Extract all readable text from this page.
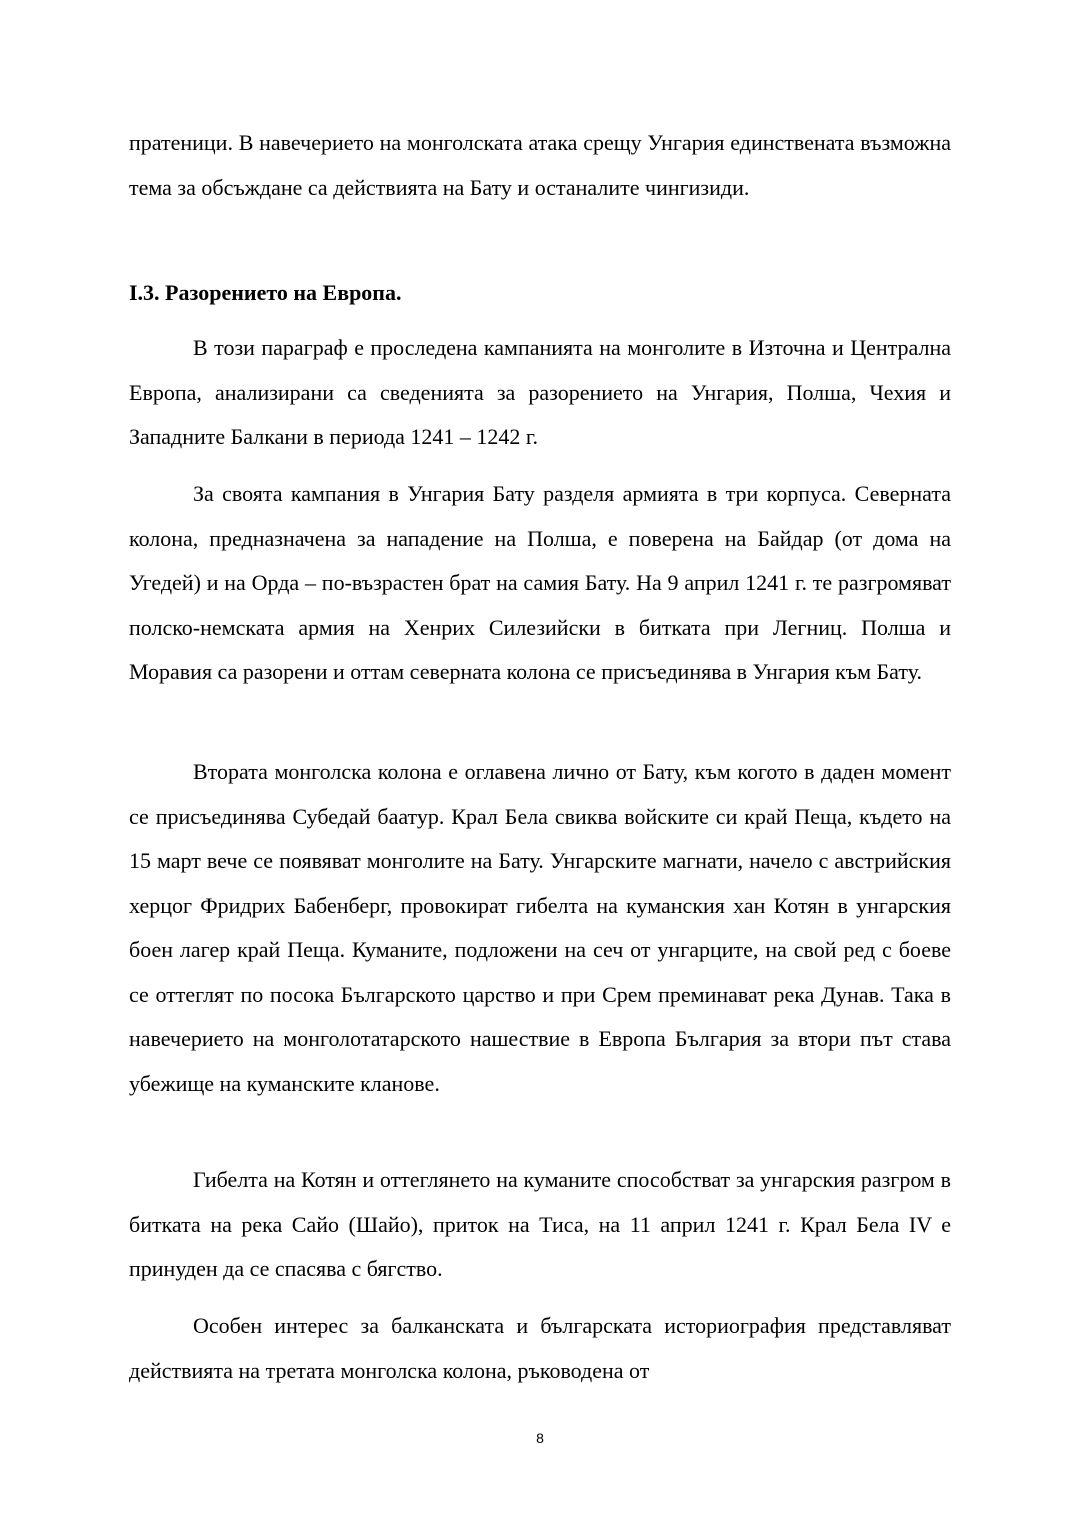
пратеници. В навечерието на монголската атака срещу Унгария единствената възможна тема за обсъждане са действията на Бату и останалите чингизиди.

I.3. Разорението на Европа.

В този параграф е проследена кампанията на монголите в Източна и Централна Европа, анализирани са сведенията за разорението на Унгария, Полша, Чехия и Западните Балкани в периода 1241 – 1242 г.

За своята кампания в Унгария Бату разделя армията в три корпуса. Северната колона, предназначена за нападение на Полша, е поверена на Байдар (от дома на Угедей) и на Орда – по-възрастен брат на самия Бату. На 9 април 1241 г. те разгромяват полско-немската армия на Хенрих Силезийски в битката при Легниц. Полша и Моравия са разорени и оттам северната колона се присъединява в Унгария към Бату.

Втората монголска колона е оглавена лично от Бату, към когото в даден момент се присъединява Субедай баатур. Крал Бела свиква войските си край Пеща, където на 15 март вече се появяват монголите на Бату. Унгарските магнати, начело с австрийския херцог Фридрих Бабенберг, провокират гибелта на куманския хан Котян в унгарския боен лагер край Пеща. Куманите, подложени на сеч от унгарците, на свой ред с боеве се оттеглят по посока Българското царство и при Срем преминават река Дунав. Така в навечерието на монголотатарското нашествие в Европа България за втори път става убежище на куманските кланове.

Гибелта на Котян и оттеглянето на куманите способстват за унгарския разгром в битката на река Сайо (Шайо), приток на Тиса, на 11 април 1241 г. Крал Бела IV е принуден да се спасява с бягство.

Особен интерес за балканската и българската историография представляват действията на третата монголска колона, ръководена от

8
